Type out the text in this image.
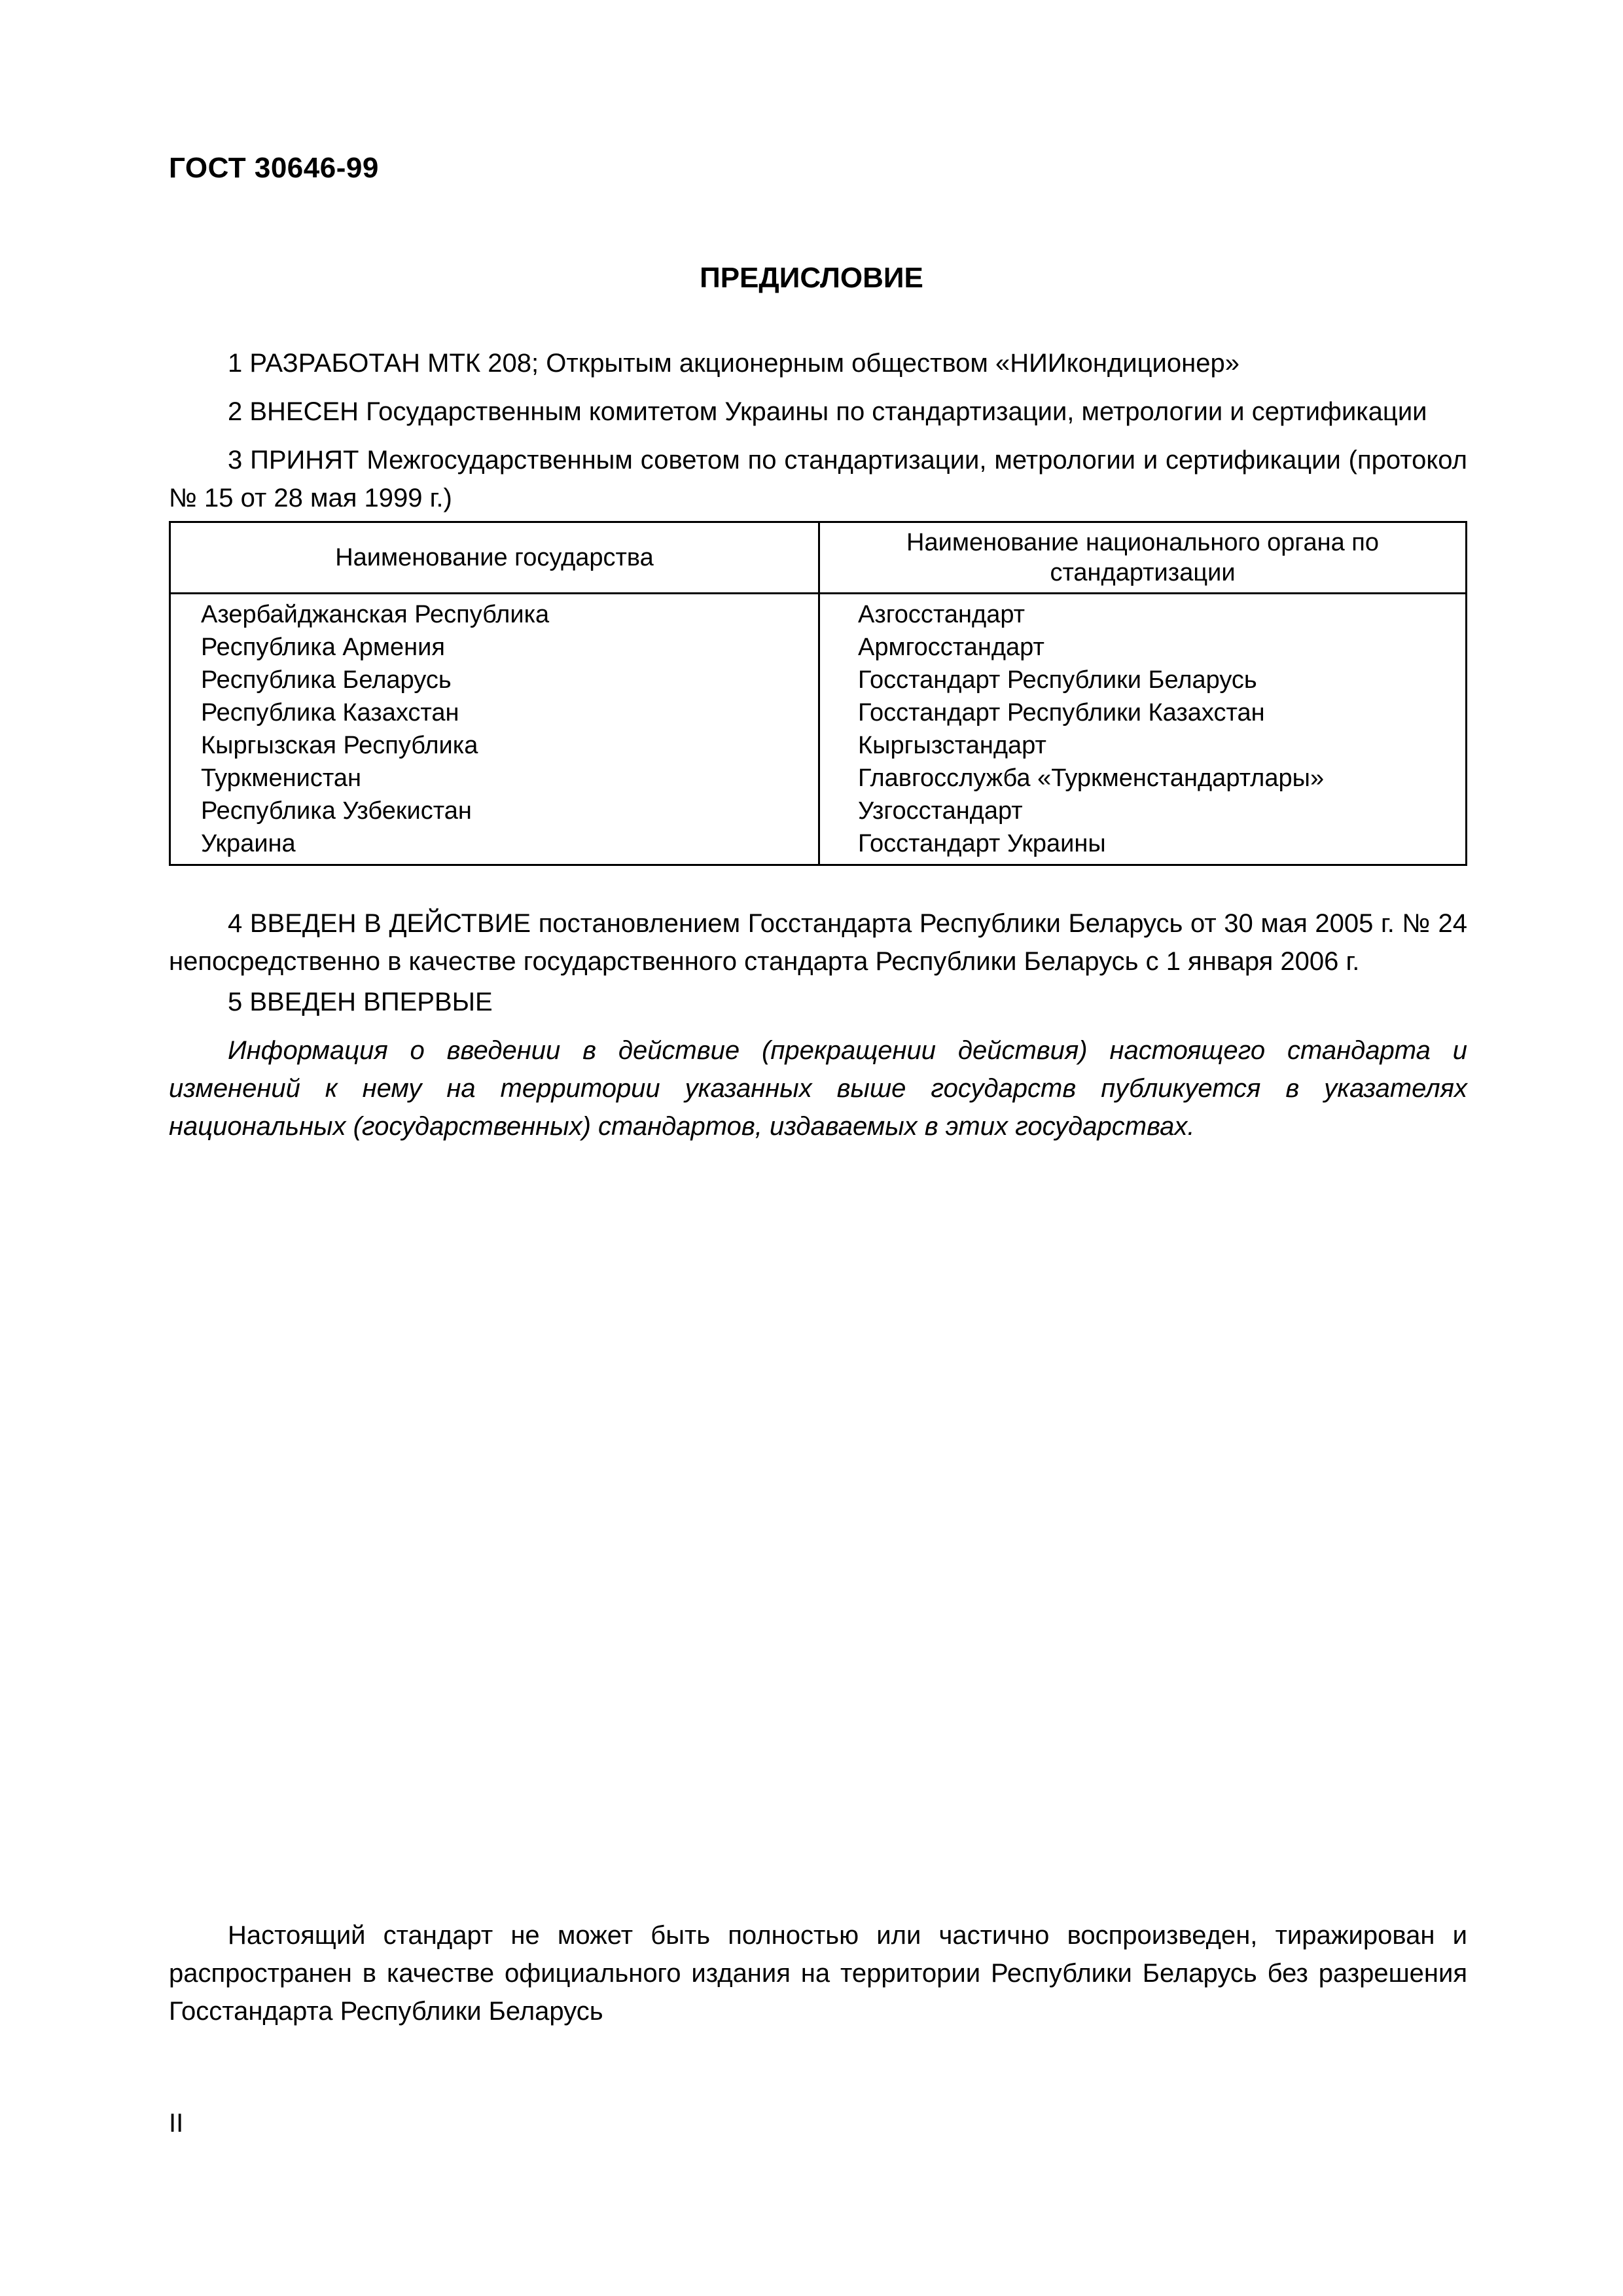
ГОСТ 30646-99
ПРЕДИСЛОВИЕ
1 РАЗРАБОТАН МТК 208; Открытым акционерным обществом «НИИкондиционер»
2 ВНЕСЕН Государственным комитетом Украины по стандартизации, метрологии и сертификации
3 ПРИНЯТ Межгосударственным советом по стандартизации, метрологии и сертификации (протокол № 15 от 28 мая 1999 г.)
Наименование государства	Наименование национального органа по стандартизации
Азербайджанская Республика	Азгосстандарт
Республика Армения	Армгосстандарт
Республика Беларусь	Госстандарт Республики Беларусь
Республика Казахстан	Госстандарт Республики Казахстан
Кыргызская Республика	Кыргызстандарт
Туркменистан	Главгосслужба «Туркменстандартлары»
Республика Узбекистан	Узгосстандарт
Украина	Госстандарт Украины
4 ВВЕДЕН В ДЕЙСТВИЕ постановлением Госстандарта Республики Беларусь от 30 мая 2005 г. № 24 непосредственно в качестве государственного стандарта Республики Беларусь с 1 января 2006 г.
5 ВВЕДЕН ВПЕРВЫЕ
Информация о введении в действие (прекращении действия) настоящего стандарта и изменений к нему на территории указанных выше государств публикуется в указателях национальных (государственных) стандартов, издаваемых в этих государствах.
Настоящий стандарт не может быть полностью или частично воспроизведен, тиражирован и распространен в качестве официального издания на территории Республики Беларусь без разрешения Госстандарта Республики Беларусь
II
